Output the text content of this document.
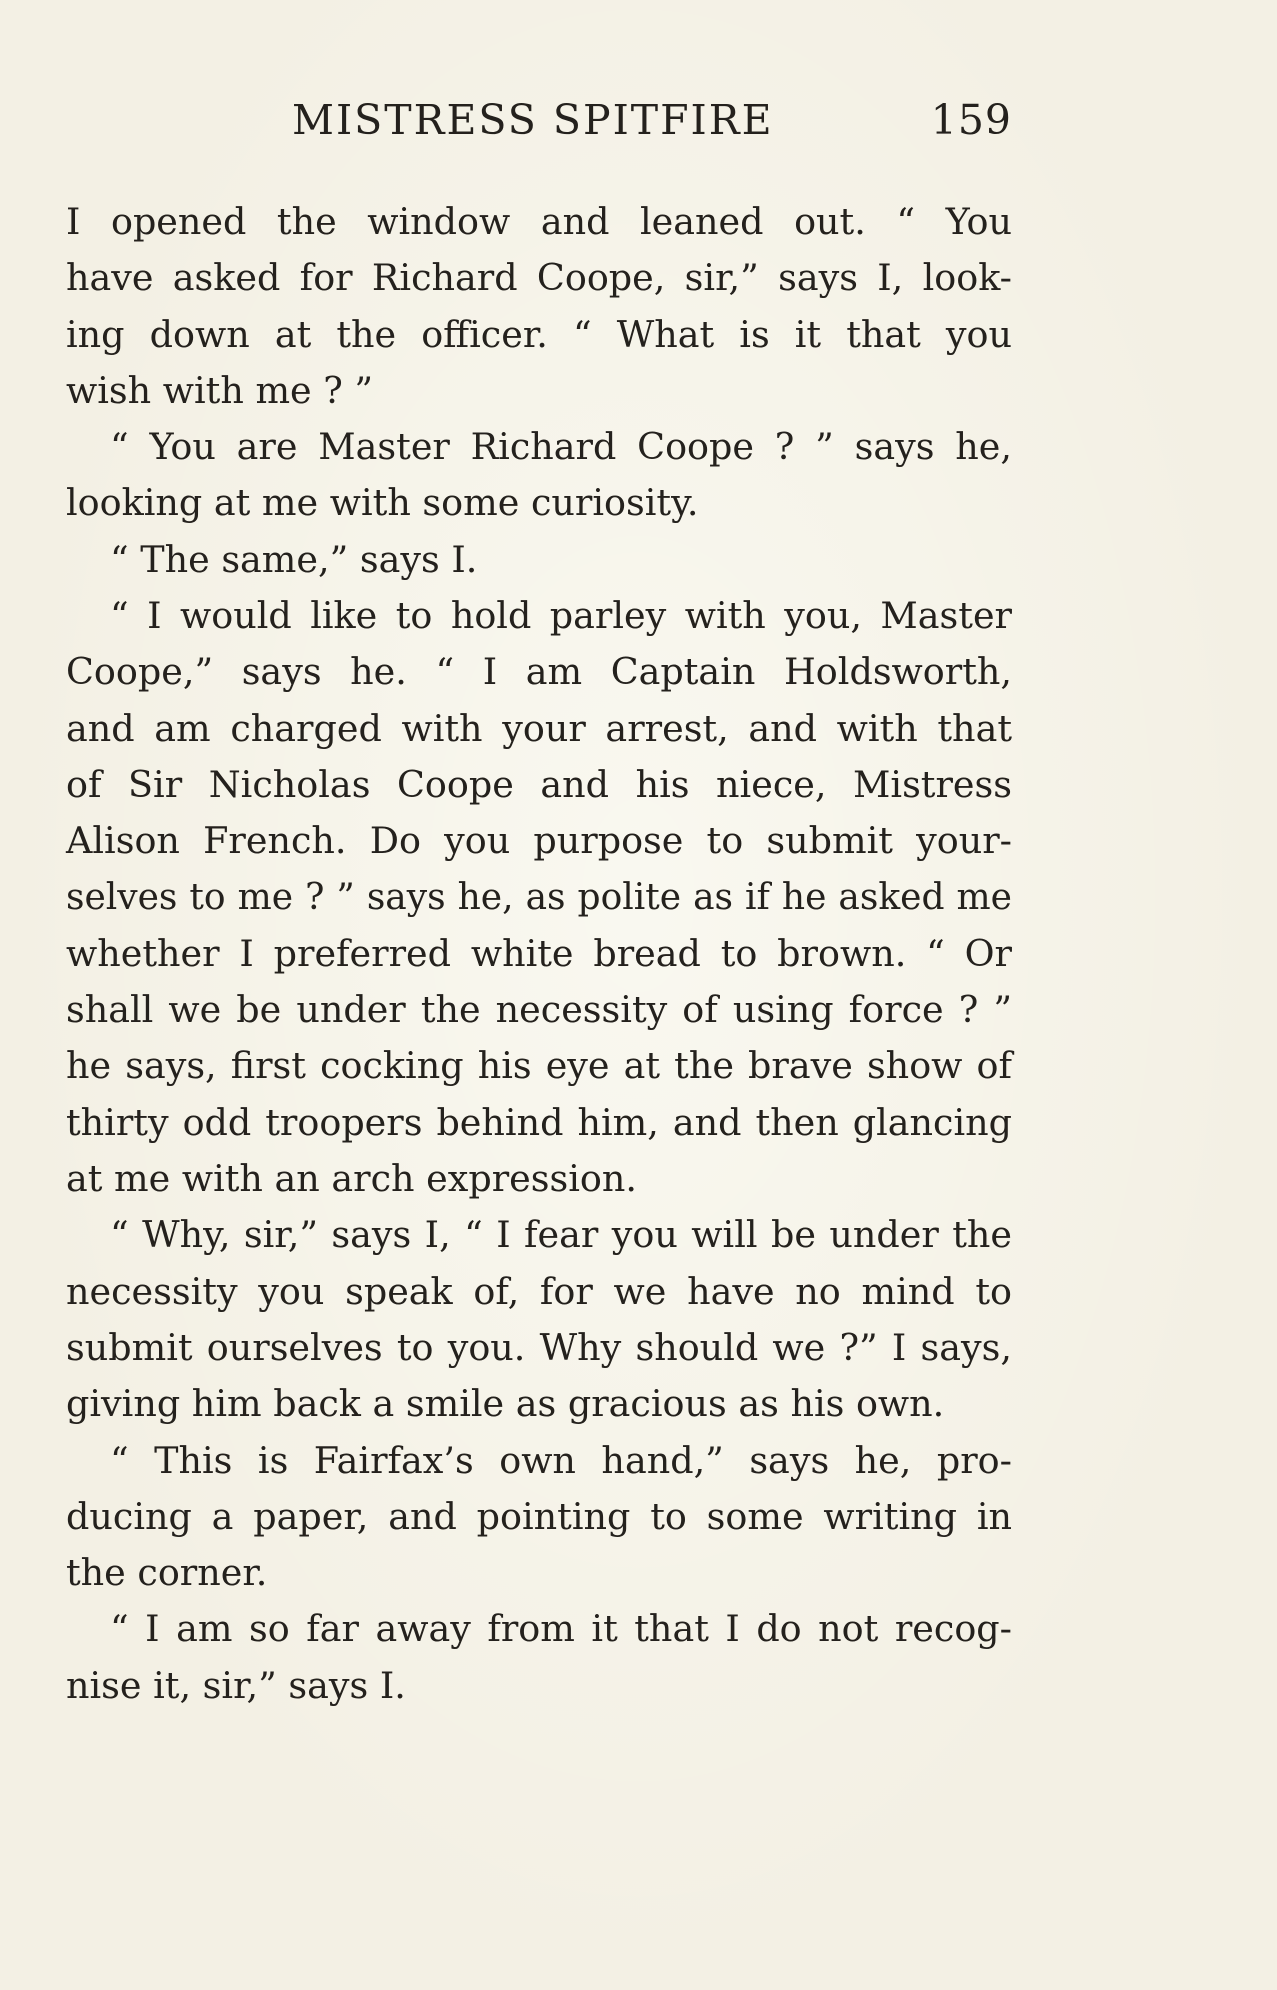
MISTRESS SPITFIRE	159

I opened the window and leaned out. “ You

have asked for Richard Coope, sir,” says I, look-

ing down at the officer. “ What is it that you

wish with me ? ”

“ You are Master Richard Coope ? ” says he,

looking at me with some curiosity.

“ The same,” says I.

“ I would like to hold parley with you, Master

Coope,” says he. “ I am Captain Holdsworth,

and am charged with your arrest, and with that

of Sir Nicholas Coope and his niece, Mistress

Alison French. Do you purpose to submit your-

selves to me ? ” says he, as polite as if he asked me

whether I preferred white bread to brown. “ Or

shall we be under the necessity of using force ? ”

he says, first cocking his eye at the brave show of

thirty odd troopers behind him, and then glancing

at me with an arch expression.

“ Why, sir,” says I, “ I fear you will be under the

necessity you speak of, for we have no mind to

submit ourselves to you. Why should we ?” I says,

giving him back a smile as gracious as his own.

“ This is Fairfax’s own hand,” says he, pro-

ducing a paper, and pointing to some writing in

the corner.

“ I am so far away from it that I do not recog-

nise it, sir,” says I.
